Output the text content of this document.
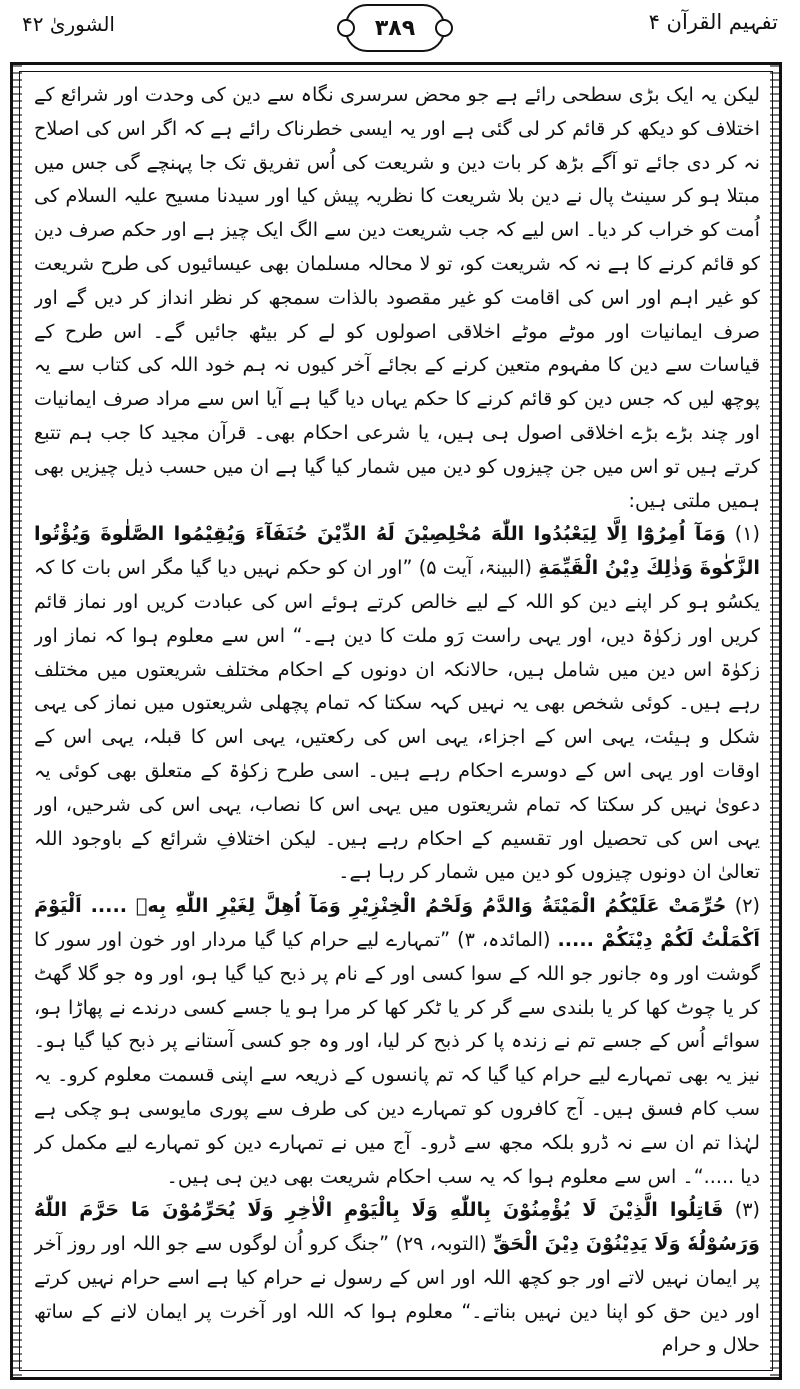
الشوریٰ ۴۲	۳۸۹	تفہیم القرآن ۴

لیکن یہ ایک بڑی سطحی رائے ہے جو محض سرسری نگاہ سے دین کی وحدت اور شرائع کے اختلاف کو دیکھ کر قائم کر لی گئی ہے اور یہ ایسی خطرناک رائے ہے کہ اگر اس کی اصلاح نہ کر دی جائے تو آگے بڑھ کر بات دین و شریعت کی اُس تفریق تک جا پہنچے گی جس میں مبتلا ہو کر سینٹ پال نے دین بلا شریعت کا نظریہ پیش کیا اور سیدنا مسیح علیہ السلام کی اُمت کو خراب کر دیا۔ اس لیے کہ جب شریعت دین سے الگ ایک چیز ہے اور حکم صرف دین کو قائم کرنے کا ہے نہ کہ شریعت کو، تو لا محالہ مسلمان بھی عیسائیوں کی طرح شریعت کو غیر اہم اور اس کی اقامت کو غیر مقصود بالذات سمجھ کر نظر انداز کر دیں گے اور صرف ایمانیات اور موٹے موٹے اخلاقی اصولوں کو لے کر بیٹھ جائیں گے۔ اس طرح کے قیاسات سے دین کا مفہوم متعین کرنے کے بجائے آخر کیوں نہ ہم خود اللہ کی کتاب سے یہ پوچھ لیں کہ جس دین کو قائم کرنے کا حکم یہاں دیا گیا ہے آیا اس سے مراد صرف ایمانیات اور چند بڑے بڑے اخلاقی اصول ہی ہیں، یا شرعی احکام بھی۔ قرآن مجید کا جب ہم تتبع کرتے ہیں تو اس میں جن چیزوں کو دین میں شمار کیا گیا ہے ان میں حسب ذیل چیزیں بھی ہمیں ملتی ہیں:

(۱) وَمَآ اُمِرُوْٓا اِلَّا لِيَعْبُدُوا اللّٰهَ مُخْلِصِيْنَ لَهُ الدِّيْنَ حُنَفَآءَ وَيُقِيْمُوا الصَّلٰوةَ وَيُؤْتُوا الزَّكٰوةَ وَذٰلِكَ دِيْنُ الْقَيِّمَةِ (البینۃ، آیت ۵) ”اور ان کو حکم نہیں دیا گیا مگر اس بات کا کہ یکسُو ہو کر اپنے دین کو اللہ کے لیے خالص کرتے ہوئے اس کی عبادت کریں اور نماز قائم کریں اور زکوٰۃ دیں، اور یہی راست رَو ملت کا دین ہے۔“ اس سے معلوم ہوا کہ نماز اور زکوٰۃ اس دین میں شامل ہیں، حالانکہ ان دونوں کے احکام مختلف شریعتوں میں مختلف رہے ہیں۔ کوئی شخص بھی یہ نہیں کہہ سکتا کہ تمام پچھلی شریعتوں میں نماز کی یہی شکل و ہیئت، یہی اس کے اجزاء، یہی اس کی رکعتیں، یہی اس کا قبلہ، یہی اس کے اوقات اور یہی اس کے دوسرے احکام رہے ہیں۔ اسی طرح زکوٰۃ کے متعلق بھی کوئی یہ دعویٰ نہیں کر سکتا کہ تمام شریعتوں میں یہی اس کا نصاب، یہی اس کی شرحیں، اور یہی اس کی تحصیل اور تقسیم کے احکام رہے ہیں۔ لیکن اختلافِ شرائع کے باوجود اللہ تعالیٰ ان دونوں چیزوں کو دین میں شمار کر رہا ہے۔

(۲) حُرِّمَتْ عَلَيْكُمُ الْمَيْتَةُ وَالدَّمُ وَلَحْمُ الْخِنْزِيْرِ وَمَآ اُهِلَّ لِغَيْرِ اللّٰهِ بِهٖ ..... اَلْيَوْمَ اَكْمَلْتُ لَكُمْ دِيْنَكُمْ ..... (المائدہ، ۳) ”تمہارے لیے حرام کیا گیا مردار اور خون اور سور کا گوشت اور وہ جانور جو اللہ کے سوا کسی اور کے نام پر ذبح کیا گیا ہو، اور وہ جو گلا گھٹ کر یا چوٹ کھا کر یا بلندی سے گر کر یا ٹکر کھا کر مرا ہو یا جسے کسی درندے نے پھاڑا ہو، سوائے اُس کے جسے تم نے زندہ پا کر ذبح کر لیا، اور وہ جو کسی آستانے پر ذبح کیا گیا ہو۔ نیز یہ بھی تمہارے لیے حرام کیا گیا کہ تم پانسوں کے ذریعہ سے اپنی قسمت معلوم کرو۔ یہ سب کام فسق ہیں۔ آج کافروں کو تمہارے دین کی طرف سے پوری مایوسی ہو چکی ہے لہٰذا تم ان سے نہ ڈرو بلکہ مجھ سے ڈرو۔ آج میں نے تمہارے دین کو تمہارے لیے مکمل کر دیا .....“۔ اس سے معلوم ہوا کہ یہ سب احکام شریعت بھی دین ہی ہیں۔

(۳) قَاتِلُوا الَّذِيْنَ لَا يُؤْمِنُوْنَ بِاللّٰهِ وَلَا بِالْيَوْمِ الْاٰخِرِ وَلَا يُحَرِّمُوْنَ مَا حَرَّمَ اللّٰهُ وَرَسُوْلُهٗ وَلَا يَدِيْنُوْنَ دِيْنَ الْحَقِّ (التوبہ، ۲۹) ”جنگ کرو اُن لوگوں سے جو اللہ اور روز آخر پر ایمان نہیں لاتے اور جو کچھ اللہ اور اس کے رسول نے حرام کیا ہے اسے حرام نہیں کرتے اور دین حق کو اپنا دین نہیں بناتے۔“ معلوم ہوا کہ اللہ اور آخرت پر ایمان لانے کے ساتھ حلال و حرام
